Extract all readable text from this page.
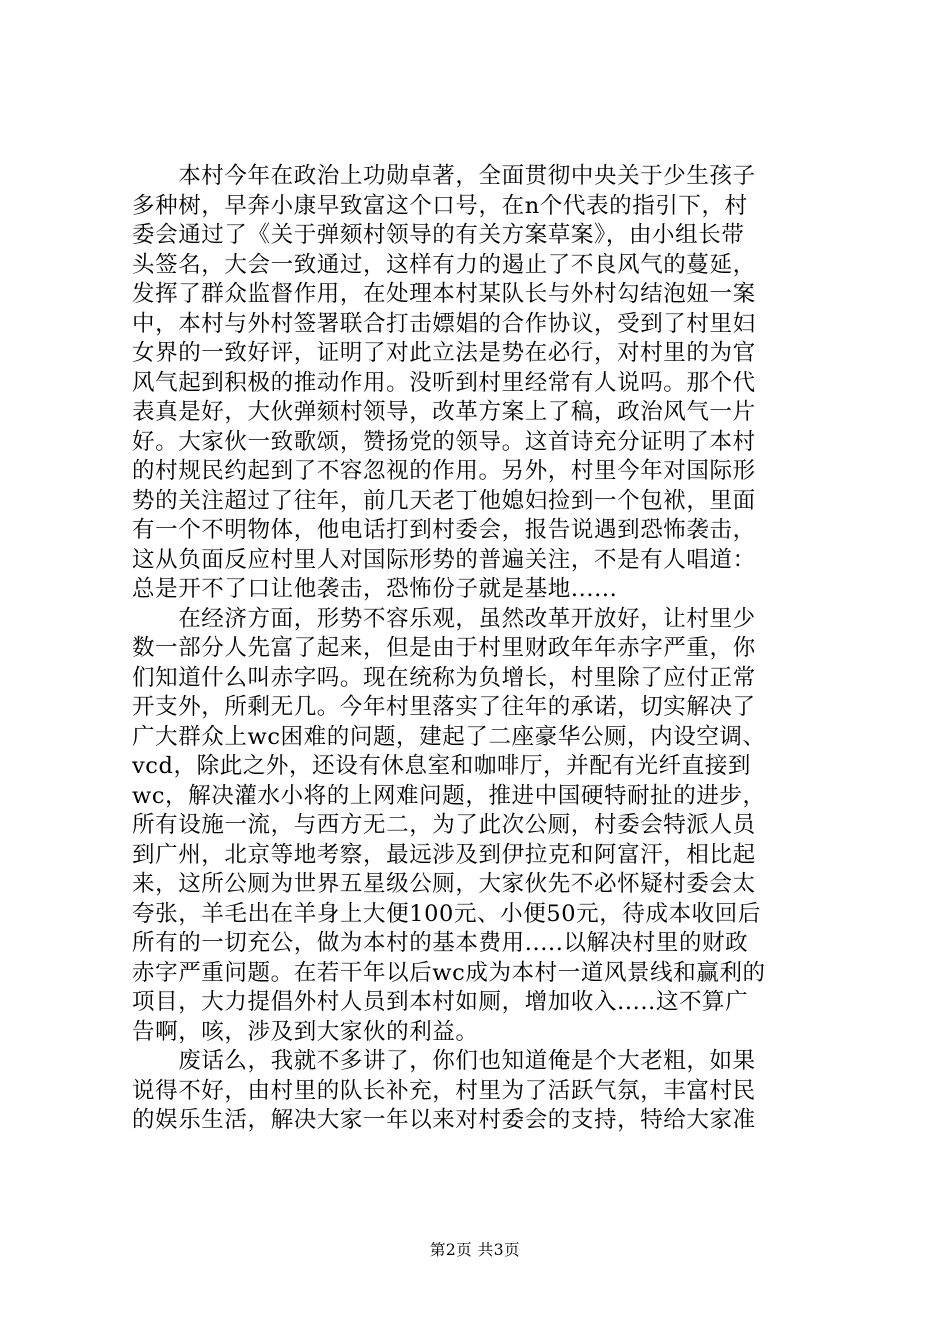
　　本村今年在政治上功勋卓著，全面贯彻中央关于少生孩子
多种树，早奔小康早致富这个口号，在n个代表的指引下，村
委会通过了《关于弹颏村领导的有关方案草案》，由小组长带
头签名，大会一致通过，这样有力的遏止了不良风气的蔓延，
发挥了群众监督作用，在处理本村某队长与外村勾结泡妞一案
中，本村与外村签署联合打击嫖娼的合作协议，受到了村里妇
女界的一致好评，证明了对此立法是势在必行，对村里的为官
风气起到积极的推动作用。没听到村里经常有人说吗。那个代
表真是好，大伙弹颏村领导，改革方案上了稿，政治风气一片
好。大家伙一致歌颂，赞扬党的领导。这首诗充分证明了本村
的村规民约起到了不容忽视的作用。另外，村里今年对国际形
势的关注超过了往年，前几天老丁他媳妇捡到一个包袱，里面
有一个不明物体，他电话打到村委会，报告说遇到恐怖袭击，
这从负面反应村里人对国际形势的普遍关注，不是有人唱道：
总是开不了口让他袭击，恐怖份子就是基地......
　　在经济方面，形势不容乐观，虽然改革开放好，让村里少
数一部分人先富了起来，但是由于村里财政年年赤字严重，你
们知道什么叫赤字吗。现在统称为负增长，村里除了应付正常
开支外，所剩无几。今年村里落实了往年的承诺，切实解决了
广大群众上wc困难的问题，建起了二座豪华公厕，内设空调、
vcd，除此之外，还设有休息室和咖啡厅，并配有光纤直接到
wc，解决灌水小将的上网难问题，推进中国硬特耐扯的进步，
所有设施一流，与西方无二，为了此次公厕，村委会特派人员
到广州，北京等地考察，最远涉及到伊拉克和阿富汗，相比起
来，这所公厕为世界五星级公厕，大家伙先不必怀疑村委会太
夸张，羊毛出在羊身上大便100元、小便50元，待成本收回后
所有的一切充公，做为本村的基本费用.....以解决村里的财政
赤字严重问题。在若干年以后wc成为本村一道风景线和赢利的
项目，大力提倡外村人员到本村如厕，增加收入.....这不算广
告啊，咳，涉及到大家伙的利益。
　　废话么，我就不多讲了，你们也知道俺是个大老粗，如果
说得不好，由村里的队长补充，村里为了活跃气氛，丰富村民
的娱乐生活，解决大家一年以来对村委会的支持，特给大家准
第2页 共3页
